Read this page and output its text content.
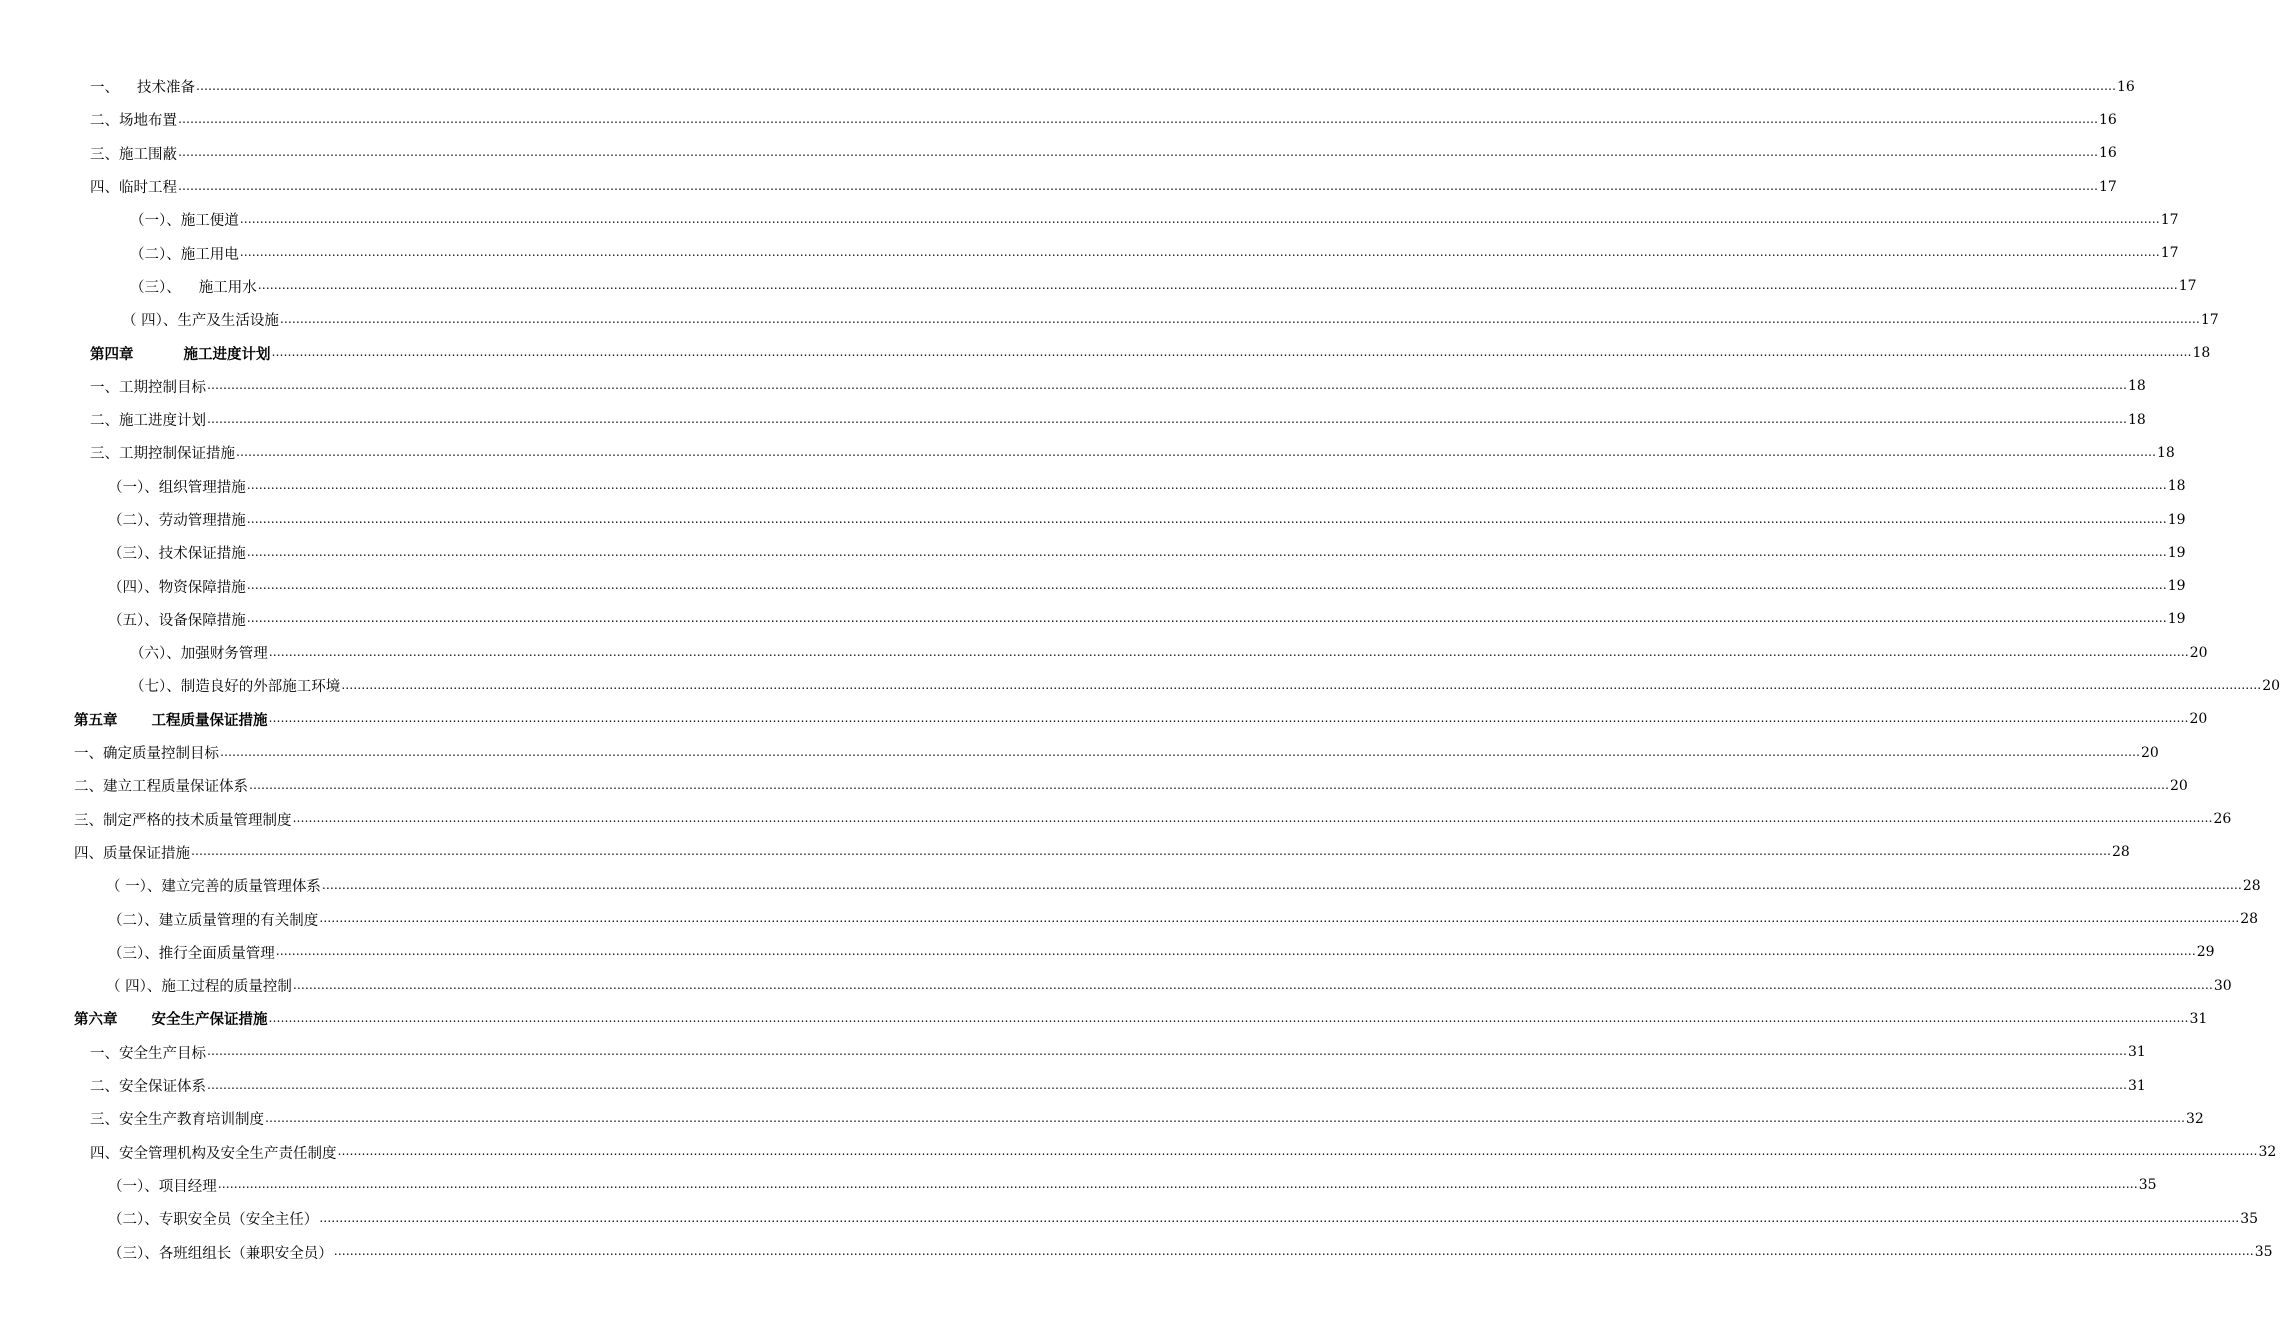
一、 技术准备 ………………………………………………………………………………………………………………………………………………………………………………………………………………………………………………………………………………………………………………………………………………………………………………………………………………………………………… 16
二、场地布置 ………………………………………………………………………………………………………………………………………………………………………………………………………………………………………………………………………………………………………………………………………………………………………………………………………………………………………… 16
三、施工围蔽 ………………………………………………………………………………………………………………………………………………………………………………………………………………………………………………………………………………………………………………………………………………………………………………………………………………………………………… 16
四、临时工程 ………………………………………………………………………………………………………………………………………………………………………………………………………………………………………………………………………………………………………………………………………………………………………………………………………………………………………… 17
（一）、施工便道 ………………………………………………………………………………………………………………………………………………………………………………………………………………………………………………………………………………………………………………………………………………………………………………………………………………………………………… 17
（二）、施工用电 ………………………………………………………………………………………………………………………………………………………………………………………………………………………………………………………………………………………………………………………………………………………………………………………………………………………………………… 17
（三）、 施工用水 ………………………………………………………………………………………………………………………………………………………………………………………………………………………………………………………………………………………………………………………………………………………………………………………………………………………………………… 17
（ 四）、生产及生活设施 ………………………………………………………………………………………………………………………………………………………………………………………………………………………………………………………………………………………………………………………………………………………………………………………………………………………………………… 17
第四章	施工进度计划 ………………………………………………………………………………………………………………………………………………………………………………………………………………………………………………………………………………………………………………………………………………………………………………………………………………………………………… 18
一、工期控制目标 ………………………………………………………………………………………………………………………………………………………………………………………………………………………………………………………………………………………………………………………………………………………………………………………………………………………………………… 18
二、施工进度计划 ………………………………………………………………………………………………………………………………………………………………………………………………………………………………………………………………………………………………………………………………………………………………………………………………………………………………………… 18
三、工期控制保证措施 ………………………………………………………………………………………………………………………………………………………………………………………………………………………………………………………………………………………………………………………………………………………………………………………………………………………………………… 18
（一）、组织管理措施 ………………………………………………………………………………………………………………………………………………………………………………………………………………………………………………………………………………………………………………………………………………………………………………………………………………………………………… 18
（二）、劳动管理措施 ………………………………………………………………………………………………………………………………………………………………………………………………………………………………………………………………………………………………………………………………………………………………………………………………………………………………………… 19
（三）、技术保证措施 ………………………………………………………………………………………………………………………………………………………………………………………………………………………………………………………………………………………………………………………………………………………………………………………………………………………………………… 19
（四）、物资保障措施 ………………………………………………………………………………………………………………………………………………………………………………………………………………………………………………………………………………………………………………………………………………………………………………………………………………………………………… 19
（五）、设备保障措施 ………………………………………………………………………………………………………………………………………………………………………………………………………………………………………………………………………………………………………………………………………………………………………………………………………………………………………… 19
（六）、加强财务管理 ………………………………………………………………………………………………………………………………………………………………………………………………………………………………………………………………………………………………………………………………………………………………………………………………………………………………………… 20
（七）、制造良好的外部施工环境 ………………………………………………………………………………………………………………………………………………………………………………………………………………………………………………………………………………………………………………………………………………………………………………………………………………………………………… 20
第五章 工程质量保证措施 ………………………………………………………………………………………………………………………………………………………………………………………………………………………………………………………………………………………………………………………………………………………………………………………………………………………………………… 20
一、确定质量控制目标 ………………………………………………………………………………………………………………………………………………………………………………………………………………………………………………………………………………………………………………………………………………………………………………………………………………………………………… 20
二、建立工程质量保证体系 ………………………………………………………………………………………………………………………………………………………………………………………………………………………………………………………………………………………………………………………………………………………………………………………………………………………………………… 20
三、制定严格的技术质量管理制度 ………………………………………………………………………………………………………………………………………………………………………………………………………………………………………………………………………………………………………………………………………………………………………………………………………………………………………… 26
四、质量保证措施 ………………………………………………………………………………………………………………………………………………………………………………………………………………………………………………………………………………………………………………………………………………………………………………………………………………………………………… 28
（ 一）、建立完善的质量管理体系 ………………………………………………………………………………………………………………………………………………………………………………………………………………………………………………………………………………………………………………………………………………………………………………………………………………………………………… 28
（二）、建立质量管理的有关制度 ………………………………………………………………………………………………………………………………………………………………………………………………………………………………………………………………………………………………………………………………………………………………………………………………………………………………………… 28
（三）、推行全面质量管理 ………………………………………………………………………………………………………………………………………………………………………………………………………………………………………………………………………………………………………………………………………………………………………………………………………………………………………… 29
（ 四）、施工过程的质量控制 ………………………………………………………………………………………………………………………………………………………………………………………………………………………………………………………………………………………………………………………………………………………………………………………………………………………………………… 30
第六章 安全生产保证措施 ………………………………………………………………………………………………………………………………………………………………………………………………………………………………………………………………………………………………………………………………………………………………………………………………………………………………………… 31
一、安全生产目标 ………………………………………………………………………………………………………………………………………………………………………………………………………………………………………………………………………………………………………………………………………………………………………………………………………………………………………… 31
二、安全保证体系 ………………………………………………………………………………………………………………………………………………………………………………………………………………………………………………………………………………………………………………………………………………………………………………………………………………………………………… 31
三、安全生产教育培训制度 ………………………………………………………………………………………………………………………………………………………………………………………………………………………………………………………………………………………………………………………………………………………………………………………………………………………………………… 32
四、安全管理机构及安全生产责任制度 ………………………………………………………………………………………………………………………………………………………………………………………………………………………………………………………………………………………………………………………………………………………………………………………………………………………………………… 32
（一）、项目经理 ………………………………………………………………………………………………………………………………………………………………………………………………………………………………………………………………………………………………………………………………………………………………………………………………………………………………………… 35
（二）、专职安全员（安全主任） ………………………………………………………………………………………………………………………………………………………………………………………………………………………………………………………………………………………………………………………………………………………………………………………………………………………………………… 35
（三）、各班组组长（兼职安全员） ………………………………………………………………………………………………………………………………………………………………………………………………………………………………………………………………………………………………………………………………………………………………………………………………………………………………………… 35
